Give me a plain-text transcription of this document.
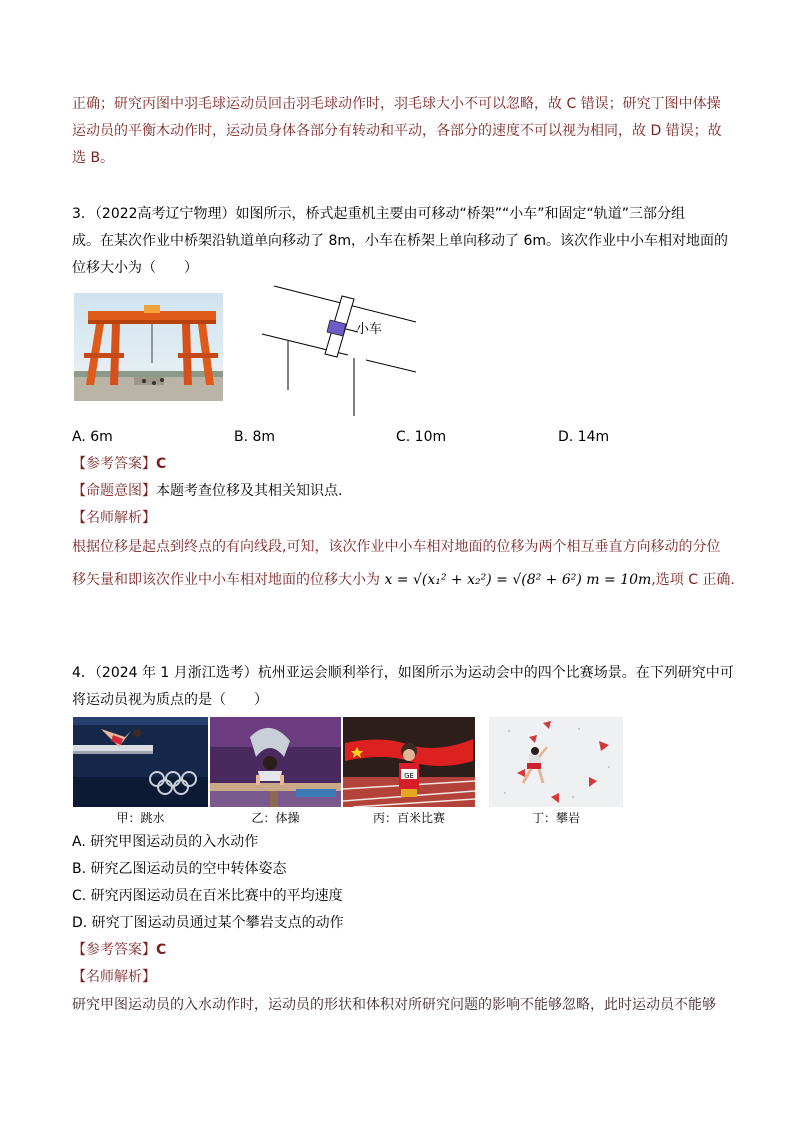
正确；研究丙图中羽毛球运动员回击羽毛球动作时，羽毛球大小不可以忽略，故 C 错误；研究丁图中体操
运动员的平衡木动作时，运动员身体各部分有转动和平动，各部分的速度不可以视为相同，故 D 错误；故
选 B。
3．（2022高考辽宁物理）如图所示，桥式起重机主要由可移动“桥架”“小车”和固定“轨道”三部分组
成。在某次作业中桥架沿轨道单向移动了 8m，小车在桥架上单向移动了 6m。该次作业中小车相对地面的
位移大小为（　　）
小车
A. 6m	B. 8m	C. 10m	D. 14m
【参考答案】C
【命题意图】本题考查位移及其相关知识点.
【名师解析】
根据位移是起点到终点的有向线段,可知，该次作业中小车相对地面的位移为两个相互垂直方向移动的分位
移矢量和即该次作业中小车相对地面的位移大小为 x = √(x₁² + x₂²) = √(8² + 6²) m = 10m,选项 C 正确.
4．（2024 年 1 月浙江选考）杭州亚运会顺利举行，如图所示为运动会中的四个比赛场景。在下列研究中可
将运动员视为质点的是（　　）
GE
甲：跳水	乙：体操	丙：百米比赛	丁：攀岩
A. 研究甲图运动员的入水动作
B. 研究乙图运动员的空中转体姿态
C. 研究丙图运动员在百米比赛中的平均速度
D. 研究丁图运动员通过某个攀岩支点的动作
【参考答案】C
【名师解析】
研究甲图运动员的入水动作时，运动员的形状和体积对所研究问题的影响不能够忽略，此时运动员不能够
